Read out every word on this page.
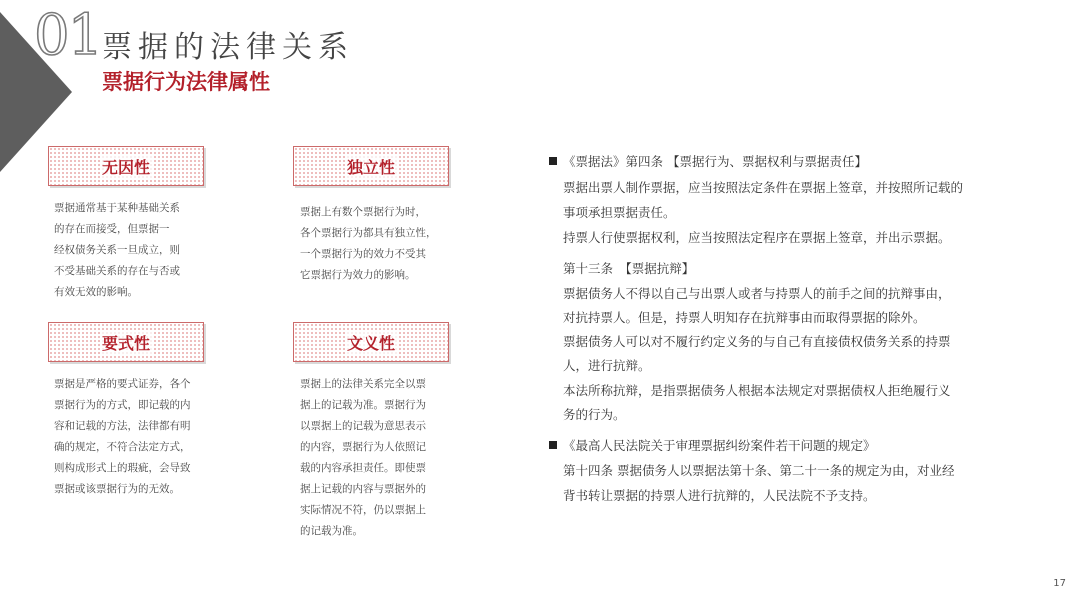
01 票据的法律关系
票据行为法律属性
无因性
票据通常基于某种基础关系
的存在而接受，但票据一
经权债务关系一旦成立，则
不受基础关系的存在与否或
有效无效的影响。
独立性
票据上有数个票据行为时，
各个票据行为都具有独立性，
一个票据行为的效力不受其
它票据行为效力的影响。
要式性
票据是严格的要式证券，各个
票据行为的方式，即记载的内
容和记载的方法，法律都有明
确的规定，不符合法定方式，
则构成形式上的瑕疵，会导致
票据或该票据行为的无效。
文义性
票据上的法律关系完全以票
据上的记载为准。票据行为
以票据上的记载为意思表示
的内容，票据行为人依照记
载的内容承担责任。即使票
据上记载的内容与票据外的
实际情况不符，仍以票据上
的记载为准。
《票据法》第四条 【票据行为、票据权利与票据责任】
票据出票人制作票据，应当按照法定条件在票据上签章，并按照所记载的
事项承担票据责任。
持票人行使票据权利，应当按照法定程序在票据上签章，并出示票据。
第十三条　【票据抗辩】
票据债务人不得以自己与出票人或者与持票人的前手之间的抗辩事由，
对抗持票人。但是，持票人明知存在抗辩事由而取得票据的除外。
票据债务人可以对不履行约定义务的与自己有直接债权债务关系的持票
人，进行抗辩。
本法所称抗辩，是指票据债务人根据本法规定对票据债权人拒绝履行义
务的行为。
《最高人民法院关于审理票据纠纷案件若干问题的规定》
第十四条 票据债务人以票据法第十条、第二十一条的规定为由，对业经
背书转让票据的持票人进行抗辩的，人民法院不予支持。
17
